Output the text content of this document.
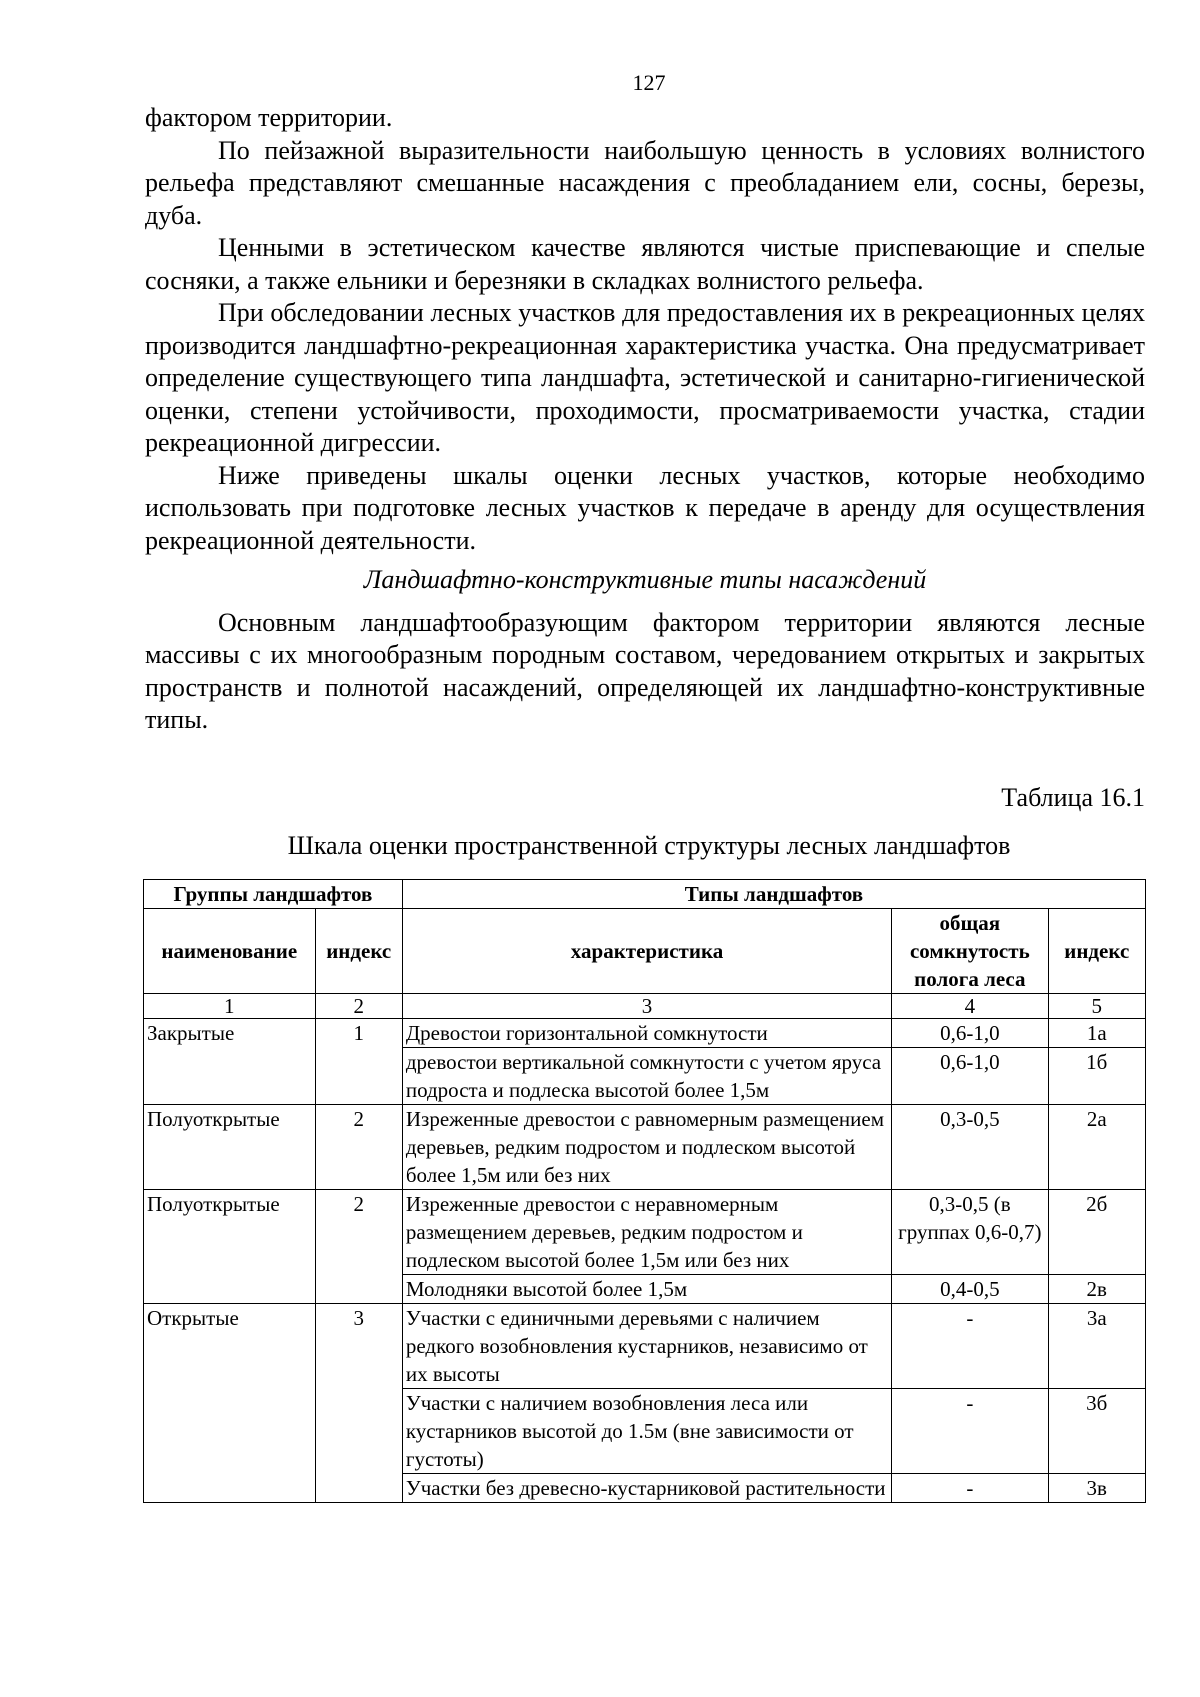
127

фактором территории.

По пейзажной выразительности наибольшую ценность в условиях волнистого рельефа представляют смешанные насаждения с преобладанием ели, сосны, березы, дуба.

Ценными в эстетическом качестве являются чистые приспевающие и спелые сосняки, а также ельники и березняки в складках волнистого рельефа.

При обследовании лесных участков для предоставления их в рекреационных целях производится ландшафтно-рекреационная характеристика участка. Она предусматривает определение существующего типа ландшафта, эстетической и санитарно-гигиенической оценки, степени устойчивости, проходимости, просматриваемости участка, стадии рекреационной дигрессии.

Ниже приведены шкалы оценки лесных участков, которые необходимо использовать при подготовке лесных участков к передаче в аренду для осуществления рекреационной деятельности.

Ландшафтно-конструктивные типы насаждений

Основным ландшафтообразующим фактором территории являются лесные массивы с их многообразным породным составом, чередованием открытых и закрытых пространств и полнотой насаждений, определяющей их ландшафтно-конструктивные типы.

Таблица 16.1
Шкала оценки пространственной структуры лесных ландшафтов
Группы ландшафтов		Типы ландшафтов		
наименование	индекс	характеристика	общая сомкнутость полога леса	индекс
1	2	3	4	5
Закрытые	1	Древостои горизонтальной сомкнутости	0,6-1,0	1а
		древостои вертикальной сомкнутости с учетом яруса подроста и подлеска высотой более 1,5м	0,6-1,0	1б
Полуоткрытые	2	Изреженные древостои с равномерным размещением деревьев, редким подростом и подлеском высотой более 1,5м или без них	0,3-0,5	2а
Полуоткрытые	2	Изреженные древостои с неравномерным размещением деревьев, редким подростом и подлеском высотой более 1,5м или без них	0,3-0,5 (в группах 0,6-0,7)	2б
		Молодняки высотой более 1,5м	0,4-0,5	2в
Открытые	3	Участки с единичными деревьями с наличием редкого возобновления кустарников, независимо от их высоты	-	3а
		Участки с наличием возобновления леса или кустарников высотой до 1.5м (вне зависимости от густоты)	-	3б
		Участки без древесно-кустарниковой растительности	-	3в
